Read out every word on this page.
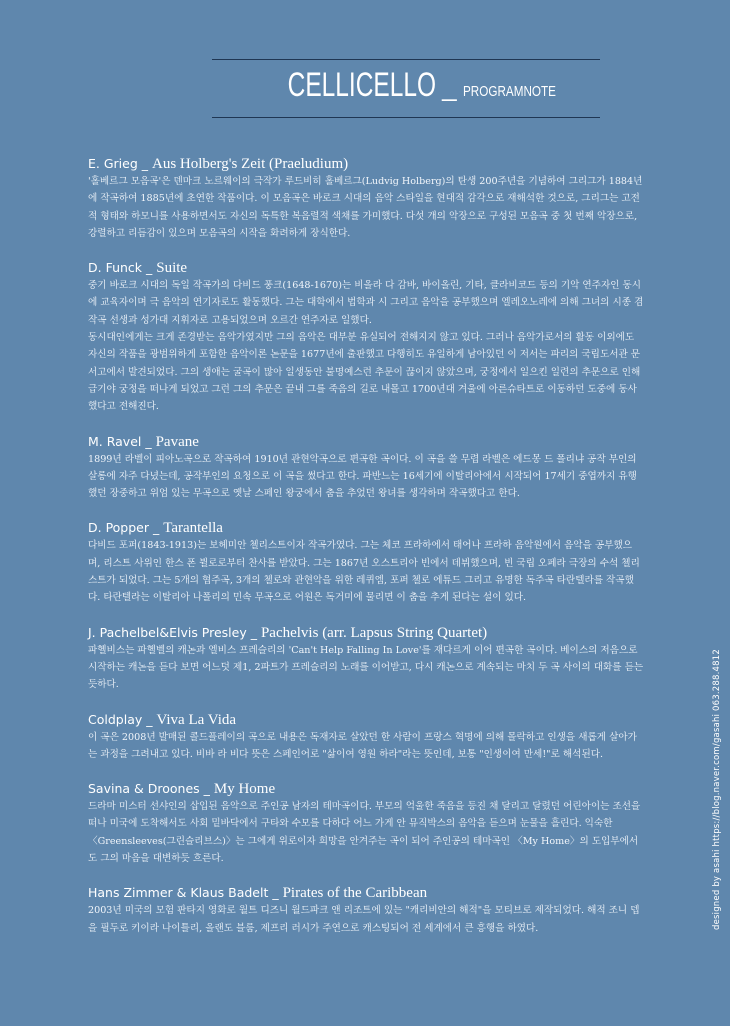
CELLICELLO _ PROGRAMNOTE
E. Grieg _ Aus Holberg's Zeit (Praeludium)

'홀베르그 모음곡'은 덴마크 노르웨이의 극작가 루드비히 홀베르그(Ludvig Holberg)의 탄생 200주년을 기념하여 그리그가 1884년에 작곡하여 1885년에 초연한 작품이다. 이 모음곡은 바로크 시대의 음악 스타일을 현대적 감각으로 재해석한 것으로, 그리그는 고전적 형태와 하모니를 사용하면서도 자신의 독특한 복음렬적 색채를 가미했다. 다섯 개의 악장으로 구성된 모음곡 중 첫 번째 악장으로, 강렬하고 리듬감이 있으며 모음곡의 시작을 화려하게 장식한다.

D. Funck _ Suite

중기 바로크 시대의 독일 작곡가의 다비드 풍크(1648-1670)는 비올라 다 감바, 바이올린, 기타, 클라비코드 등의 기악 연주자인 동시에 교육자이며 극 음악의 연기자로도 활동했다. 그는 대학에서 법학과 시 그리고 음악을 공부했으며 엘레오노레에 의해 그녀의 시종 겸 작곡 선생과 성가대 지휘자로 고용되었으며 오르간 연주자로 일했다.

동시대인에게는 크게 존경받는 음악가였지만 그의 음악은 대부분 유실되어 전해지지 않고 있다. 그러나 음악가로서의 활동 이외에도 자신의 작품을 광범위하게 포함한 음악이론 논문을 1677년에 출판했고 다행히도 유일하게 남아있던 이 저서는 파리의 국립도서관 문서고에서 발견되었다. 그의 생애는 굴곡이 많아 일생동안 불명예스런 추문이 끊이지 않았으며, 궁정에서 일으킨 일련의 추문으로 인해 급기야 궁정을 떠나게 되었고 그런 그의 추문은 끝내 그를 죽음의 길로 내몰고 1700년대 겨울에 아른슈타트로 이동하던 도중에 동사했다고 전해진다.

M. Ravel _ Pavane

1899년 라벨이 피아노곡으로 작곡하여 1910년 관현악곡으로 편곡한 곡이다. 이 곡을 쓸 무렵 라벨은 에드몽 드 폴리냐 공작 부인의 살롱에 자주 다녔는데, 공작부인의 요청으로 이 곡을 썼다고 한다. 파반느는 16세기에 이탈리아에서 시작되어 17세기 중엽까지 유행했던 장중하고 위엄 있는 무곡으로 옛날 스페인 왕궁에서 춤을 추었던 왕녀를 생각하며 작곡했다고 한다.

D. Popper _ Tarantella

다비드 포퍼(1843-1913)는 보헤미안 첼리스트이자 작곡가였다. 그는 체코 프라하에서 태어나 프라하 음악원에서 음악을 공부했으며, 리스트 사위인 한스 폰 뷜로로부터 찬사를 받았다. 그는 1867년 오스트리아 빈에서 데뷔했으며, 빈 국립 오페라 극장의 수석 첼리스트가 되었다. 그는 5개의 협주곡, 3개의 첼로와 관현악을 위한 레퀴엠, 포퍼 첼로 에튜드 그리고 유명한 독주곡 타란텔라를 작곡했다. 타란텔라는 이탈리아 나폴리의 민속 무곡으로 어원은 독거미에 물리면 이 춤을 추게 된다는 설이 있다.

J. Pachelbel&Elvis Presley _ Pachelvis (arr. Lapsus String Quartet)

파헬비스는 파헬벨의 캐논과 엘비스 프레슬리의 'Can't Help Falling In Love'를 재다르게 이어 편곡한 곡이다. 베이스의 저음으로 시작하는 캐논을 듣다 보면 어느덧 제1, 2파트가 프레슬리의 노래를 이어받고, 다시 캐논으로 계속되는 마치 두 곡 사이의 대화를 듣는 듯하다.

Coldplay _ Viva La Vida

이 곡은 2008년 발매된 콜드플레이의 곡으로 내용은 독재자로 살았던 한 사람이 프랑스 혁명에 의해 몰락하고 인생을 새롭게 살아가는 과정을 그려내고 있다. 비바 라 비다 뜻은 스페인어로 "삶이여 영원 하라"라는 뜻인데, 보통 "인생이여 만세!"로 해석된다.

Savina & Droones _ My Home

드라마 미스터 선샤인의 삽입된 음악으로 주인공 남자의 테마곡이다. 부모의 억울한 죽음을 등진 채 달리고 달렸던 어린아이는 조선을 떠나 미국에 도착해서도 사회 밑바닥에서 구타와 수모를 다하다 어느 가게 안 뮤직박스의 음악을 듣으며 눈물을 흘린다. 익숙한 〈Greensleeves(그린슬리브스)〉는 그에게 위로이자 희망을 안겨주는 곡이 되어 주인공의 테마곡인 〈My Home〉의 도입부에서도 그의 마음을 대변하듯 흐른다.

Hans Zimmer & Klaus Badelt _ Pirates of the Caribbean

2003년 미국의 모험 판타지 영화로 월트 디즈니 월드파크 앤 리조트에 있는 "캐리비안의 해적"을 모티브로 제작되었다. 해적 조니 뎁을 필두로 키이라 나이틀리, 올랜도 블룸, 제프리 러시가 주연으로 캐스팅되어 전 세계에서 큰 흥행을 하였다.	designed by asahi https://blog.naver.com/gasahi 063.288.4812
